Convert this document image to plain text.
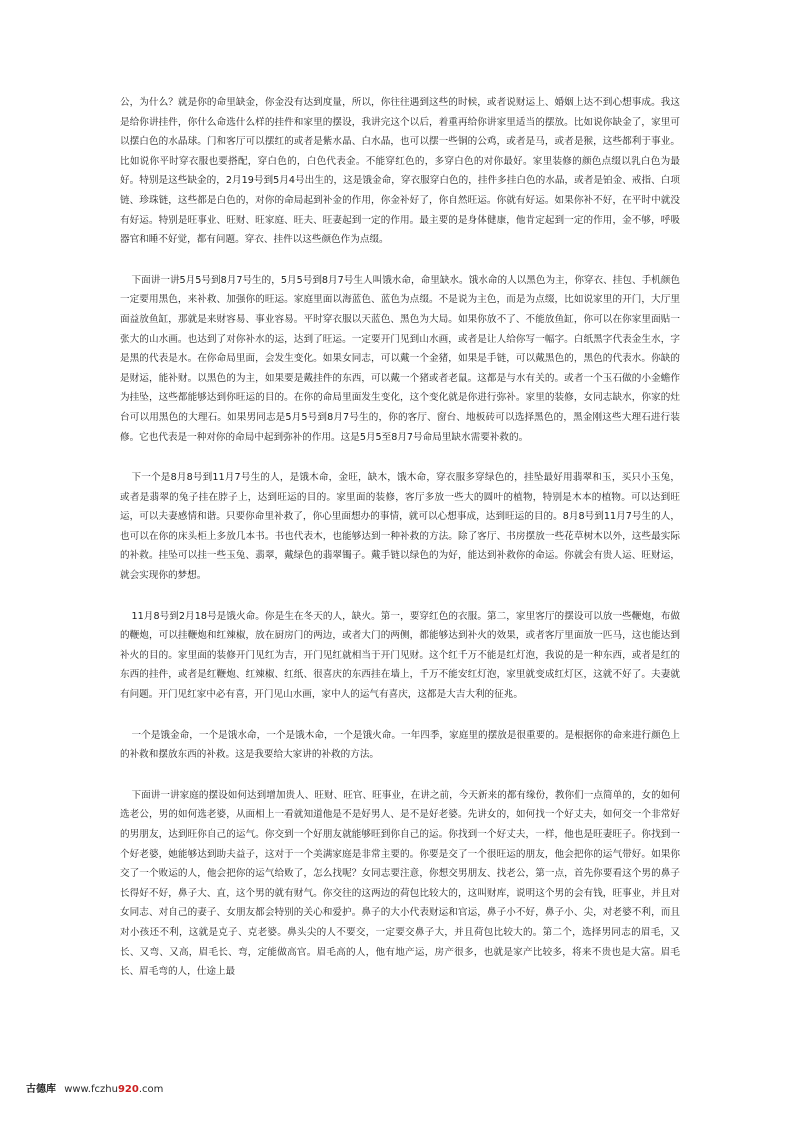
公，为什么？就是你的命里缺金，你金没有达到度量，所以，你往往遇到这些的时候，或者说财运上、婚姻上达不到心想事成。我这是给你讲挂件，你什么命选什么样的挂件和家里的摆设，我讲完这个以后，着重再给你讲家里适当的摆放。比如说你缺金了，家里可以摆白色的水晶球。门和客厅可以摆红的或者是紫水晶、白水晶，也可以摆一些铜的公鸡，或者是马，或者是猴，这些都利于事业。比如说你平时穿衣服也要搭配，穿白色的，白色代表金。不能穿红色的，多穿白色的对你最好。家里装修的颜色点缀以乳白色为最好。特别是这些缺金的，2月19号到5月4号出生的，这是饿金命，穿衣服穿白色的，挂件多挂白色的水晶，或者是铂金、戒指、白项链、珍珠链，这些都是白色的，对你的命局起到补金的作用，你金补好了，你自然旺运。你就有好运。如果你补不好，在平时中就没有好运。特别是旺事业、旺财、旺家庭、旺夫、旺妻起到一定的作用。最主要的是身体健康，他肯定起到一定的作用，金不够，呼吸器官和睡不好觉，都有问题。穿衣、挂件以这些颜色作为点缀。

下面讲一讲5月5号到8月7号生的，5月5号到8月7号生人叫饿水命，命里缺水。饿水命的人以黑色为主，你穿衣、挂包、手机颜色一定要用黑色，来补救、加强你的旺运。家庭里面以海蓝色、蓝色为点缀。不是说为主色，而是为点缀，比如说家里的开门，大厅里面益放鱼缸，那就是来财容易、事业容易。平时穿衣服以天蓝色、黑色为大局。如果你放不了、不能放鱼缸，你可以在你家里面贴一张大的山水画。也达到了对你补水的运，达到了旺运。一定要开门见到山水画，或者是让人给你写一幅字。白纸黑字代表金生水，字是黑的代表是水。在你命局里面，会发生变化。如果女同志，可以戴一个金猪，如果是手链，可以戴黑色的，黑色的代表水。你缺的是财运，能补财。以黑色的为主，如果要是戴挂件的东西，可以戴一个猪或者老鼠。这都是与水有关的。或者一个玉石做的小金蟾作为挂坠，这些都能够达到你旺运的目的。在你的命局里面发生变化，这个变化就是你进行弥补。家里的装修，女同志缺水，你家的灶台可以用黑色的大理石。如果男同志是5月5号到8月7号生的，你的客厅、窗台、地板砖可以选择黑色的，黑金刚这些大理石进行装修。它也代表是一种对你的命局中起到弥补的作用。这是5月5至8月7号命局里缺水需要补救的。

下一个是8月8号到11月7号生的人，是饿木命，金旺，缺木，饿木命，穿衣服多穿绿色的，挂坠最好用翡翠和玉，买只小玉兔，或者是翡翠的兔子挂在脖子上，达到旺运的目的。家里面的装修，客厅多放一些大的圆叶的植物，特别是木本的植物。可以达到旺运，可以夫妻感情和谐。只要你命里补救了，你心里面想办的事情，就可以心想事成，达到旺运的目的。8月8号到11月7号生的人，也可以在你的床头柜上多放几本书。书也代表木，也能够达到一种补救的方法。除了客厅、书房摆放一些花草树木以外，这些最实际的补救。挂坠可以挂一些玉兔、翡翠，戴绿色的翡翠镯子。戴手链以绿色的为好，能达到补救你的命运。你就会有贵人运、旺财运，就会实现你的梦想。

11月8号到2月18号是饿火命。你是生在冬天的人，缺火。第一，要穿红色的衣服。第二，家里客厅的摆设可以放一些鞭炮，布做的鞭炮，可以挂鞭炮和红辣椒，放在厨房门的两边，或者大门的两侧，都能够达到补火的效果，或者客厅里面放一匹马，这也能达到补火的目的。家里面的装修开门见红为吉，开门见红就相当于开门见财。这个红千万不能是红灯泡，我说的是一种东西，或者是红的东西的挂件，或者是红鞭炮、红辣椒、红纸、很喜庆的东西挂在墙上，千万不能安红灯泡，家里就变成红灯区，这就不好了。夫妻就有问题。开门见红家中必有喜，开门见山水画，家中人的运气有喜庆，这都是大吉大利的征兆。

一个是饿金命，一个是饿水命，一个是饿木命，一个是饿火命。一年四季，家庭里的摆放是很重要的。是根据你的命来进行颜色上的补救和摆放东西的补救。这是我要给大家讲的补救的方法。

下面讲一讲家庭的摆设如何达到增加贵人、旺财、旺官、旺事业，在讲之前，今天新来的都有缘份，教你们一点简单的，女的如何选老公，男的如何选老婆，从面相上一看就知道他是不是好男人、是不是好老婆。先讲女的，如何找一个好丈夫，如何交一个非常好的男朋友，达到旺你自己的运气。你交到一个好朋友就能够旺到你自己的运。你找到一个好丈夫，一样，他也是旺妻旺子。你找到一个好老婆，她能够达到助夫益子，这对于一个美满家庭是非常主要的。你要是交了一个很旺运的朋友，他会把你的运气带好。如果你交了一个败运的人，他会把你的运气给败了，怎么找呢？女同志要注意，你想交男朋友、找老公，第一点，首先你要看这个男的鼻子长得好不好，鼻子大、直，这个男的就有财气。你交往的这两边的荷包比较大的，这叫财库，说明这个男的会有钱，旺事业，并且对女同志、对自己的妻子、女朋友都会特别的关心和爱护。鼻子的大小代表财运和官运，鼻子小不好，鼻子小、尖，对老婆不利，而且对小孩还不利，这就是克子、克老婆。鼻头尖的人不要交，一定要交鼻子大，并且荷包比较大的。第二个，选择男同志的眉毛，又长、又弯、又高，眉毛长、弯，定能做高官。眉毛高的人，他有地产运，房产很多，也就是家产比较多，将来不贵也是大富。眉毛长、眉毛弯的人，仕途上最

古德库 www.fczhu920.com
